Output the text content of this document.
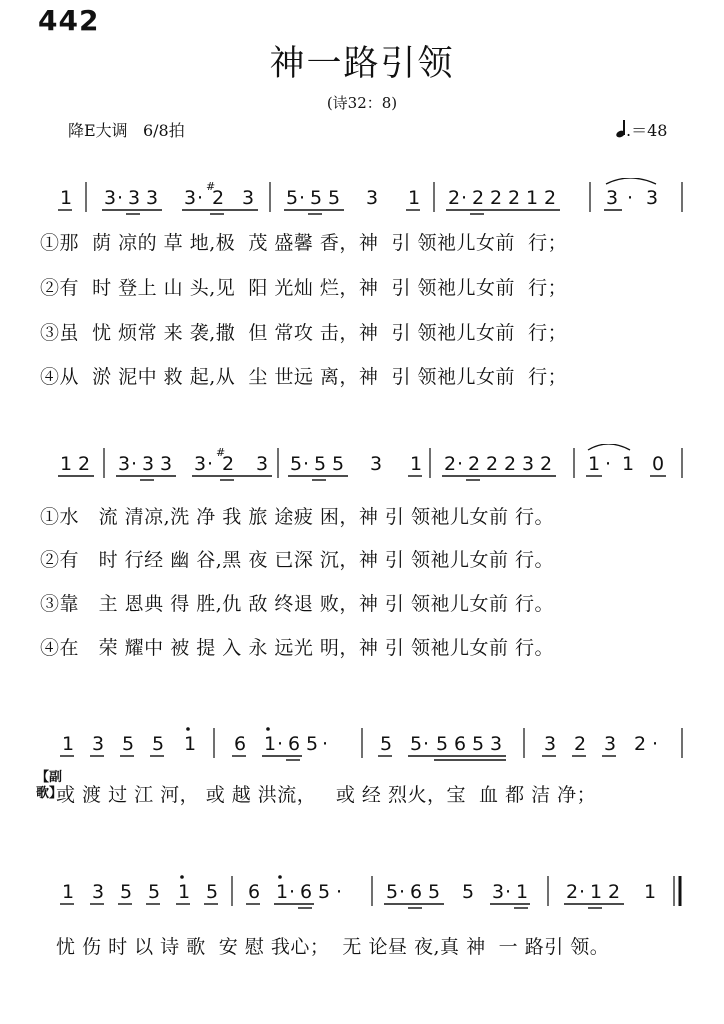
442
神一路引领
(诗32：8)
降E大调   6/8拍	.＝48
1 3 · 3 3 3 ·
#
2 3 5 · 5 5 3 1 2 · 2 2 2 1 2	3 · 3
①那  荫 凉的 草 地,极  茂 盛馨 香，神  引 领祂儿女前  行；
②有  时 登上 山 头,见  阳 光灿 烂，神  引 领祂儿女前  行；
③虽  忧 烦常 来 袭,撒  但 常攻 击，神  引 领祂儿女前  行；
④从  淤 泥中 救 起,从  尘 世远 离，神  引 领祂儿女前  行；
1 2 3 · 3 3 3 ·
#
2 3 5 · 5 5 3 1 2 · 2 2 2 3 2 1 · 1 0
①水   流 清凉,洗 净 我 旅 途疲 困，神 引 领祂儿女前 行。
②有   时 行经 幽 谷,黑 夜 已深 沉，神 引 领祂儿女前 行。
③靠   主 恩典 得 胜,仇 敌 终退 败，神 引 领祂儿女前 行。
④在   荣 耀中 被 提 入 永 远光 明，神 引 领祂儿女前 行。
1 3 5 5 1 6 1 · 6 5 ·	5 5 · 5 6 5 3 3 2 3 2 ·
【副歌】
或 渡 过 江 河， 或 越 洪流，   或 经 烈火，宝  血 都 洁 净；
1 3 5 5 1 5 6 1 · 6 5 · 5 · 6 5 5 3 · 1 2 · 1 2 1
忧 伤 时 以 诗 歌  安 慰 我心；  无 论昼 夜,真 神  一 路引 领。
